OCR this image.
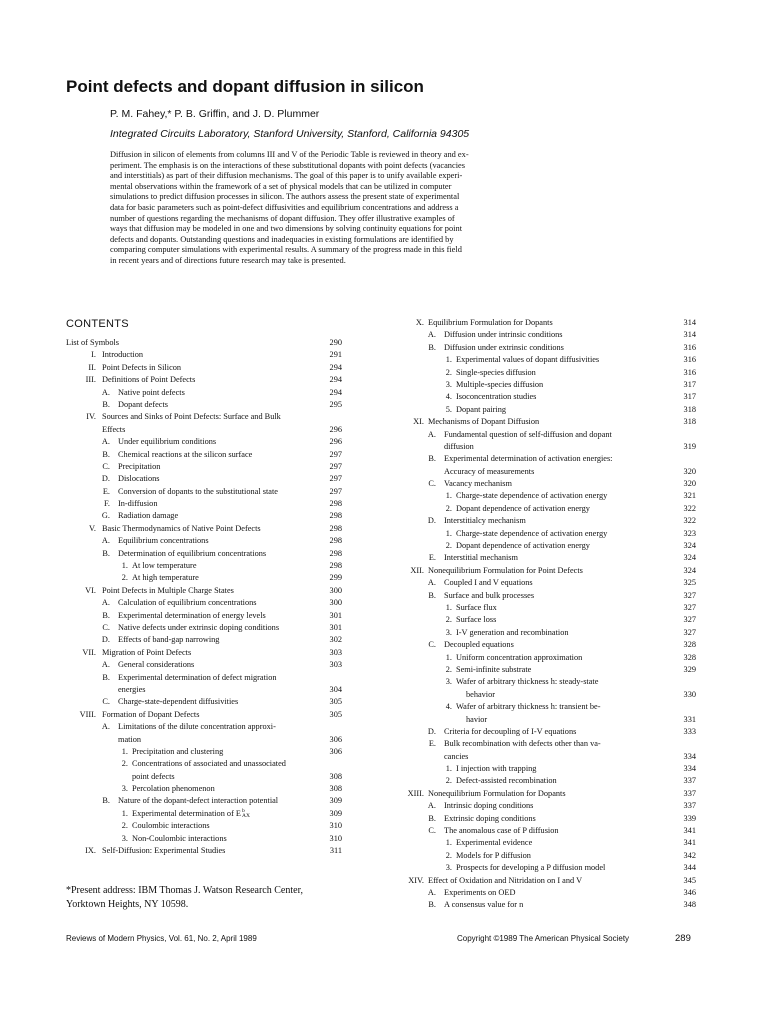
Point defects and dopant diffusion in silicon
P. M. Fahey,* P. B. Griffin, and J. D. Plummer
Integrated Circuits Laboratory, Stanford University, Stanford, California 94305
Diffusion in silicon of elements from columns III and V of the Periodic Table is reviewed in theory and ex-
periment. The emphasis is on the interactions of these substitutional dopants with point defects (vacancies
and interstitials) as part of their diffusion mechanisms. The goal of this paper is to unify available experi-
mental observations within the framework of a set of physical models that can be utilized in computer
simulations to predict diffusion processes in silicon. The authors assess the present state of experimental
data for basic parameters such as point-defect diffusivities and equilibrium concentrations and address a
number of questions regarding the mechanisms of dopant diffusion. They offer illustrative examples of
ways that diffusion may be modeled in one and two dimensions by solving continuity equations for point
defects and dopants. Outstanding questions and inadequacies in existing formulations are identified by
comparing computer simulations with experimental results. A summary of the progress made in this field
in recent years and of directions future research may take is presented.
CONTENTS
List of Symbols	290
I. Introduction	291
II. Point Defects in Silicon	294
III. Definitions of Point Defects	294
A. Native point defects	294
B. Dopant defects	295
IV. Sources and Sinks of Point Defects: Surface and Bulk
Effects	296
A. Under equilibrium conditions	296
B. Chemical reactions at the silicon surface	297
C. Precipitation	297
D. Dislocations	297
E. Conversion of dopants to the substitutional state	297
F. In-diffusion	298
G. Radiation damage	298
V. Basic Thermodynamics of Native Point Defects	298
A. Equilibrium concentrations	298
B. Determination of equilibrium concentrations	298
1. At low temperature	298
2. At high temperature	299
VI. Point Defects in Multiple Charge States	300
A. Calculation of equilibrium concentrations	300
B. Experimental determination of energy levels	301
C. Native defects under extrinsic doping conditions	301
D. Effects of band-gap narrowing	302
VII. Migration of Point Defects	303
A. General considerations	303
B. Experimental determination of defect migration
energies	304
C. Charge-state-dependent diffusivities	305
VIII. Formation of Dopant Defects	305
A. Limitations of the dilute concentration approxi-
mation	306
1. Precipitation and clustering	306
2. Concentrations of associated and unassociated
point defects	308
3. Percolation phenomenon	308
B. Nature of the dopant-defect interaction potential	309
1. Experimental determination of E b
AX	309
2. Coulombic interactions	310
3. Non-Coulombic interactions	310
IX. Self-Diffusion: Experimental Studies	311
X. Equilibrium Formulation for Dopants	314
A. Diffusion under intrinsic conditions	314
B. Diffusion under extrinsic conditions	316
1. Experimental values of dopant diffusivities	316
2. Single-species diffusion	316
3. Multiple-species diffusion	317
4. Isoconcentration studies	317
5. Dopant pairing	318
XI. Mechanisms of Dopant Diffusion	318
A. Fundamental question of self-diffusion and dopant
diffusion	319
B. Experimental determination of activation energies:
Accuracy of measurements	320
C. Vacancy mechanism	320
1. Charge-state dependence of activation energy	321
2. Dopant dependence of activation energy	322
D. Interstitialcy mechanism	322
1. Charge-state dependence of activation energy	323
2. Dopant dependence of activation energy	324
E. Interstitial mechanism	324
XII. Nonequilibrium Formulation for Point Defects	324
A. Coupled I and V equations	325
B. Surface and bulk processes	327
1. Surface flux	327
2. Surface loss	327
3. I-V generation and recombination	327
C. Decoupled equations	328
1. Uniform concentration approximation	328
2. Semi-infinite substrate	329
3. Wafer of arbitrary thickness h: steady-state
behavior	330
4. Wafer of arbitrary thickness h: transient be-
havior	331
D. Criteria for decoupling of I-V equations	333
E. Bulk recombination with defects other than va-
cancies	334
1. I injection with trapping	334
2. Defect-assisted recombination	337
XIII. Nonequilibrium Formulation for Dopants	337
A. Intrinsic doping conditions	337
B. Extrinsic doping conditions	339
C. The anomalous case of P diffusion	341
1. Experimental evidence	341
2. Models for P diffusion	342
3. Prospects for developing a P diffusion model	344
XIV. Effect of Oxidation and Nitridation on I and V	345
A. Experiments on OED	346
B. A consensus value for n	348
*Present address: IBM Thomas J. Watson Research Center,
Yorktown Heights, NY 10598.
Reviews of Modern Physics, Vol. 61, No. 2, April 1989	Copyright ©1989 The American Physical Society	289
